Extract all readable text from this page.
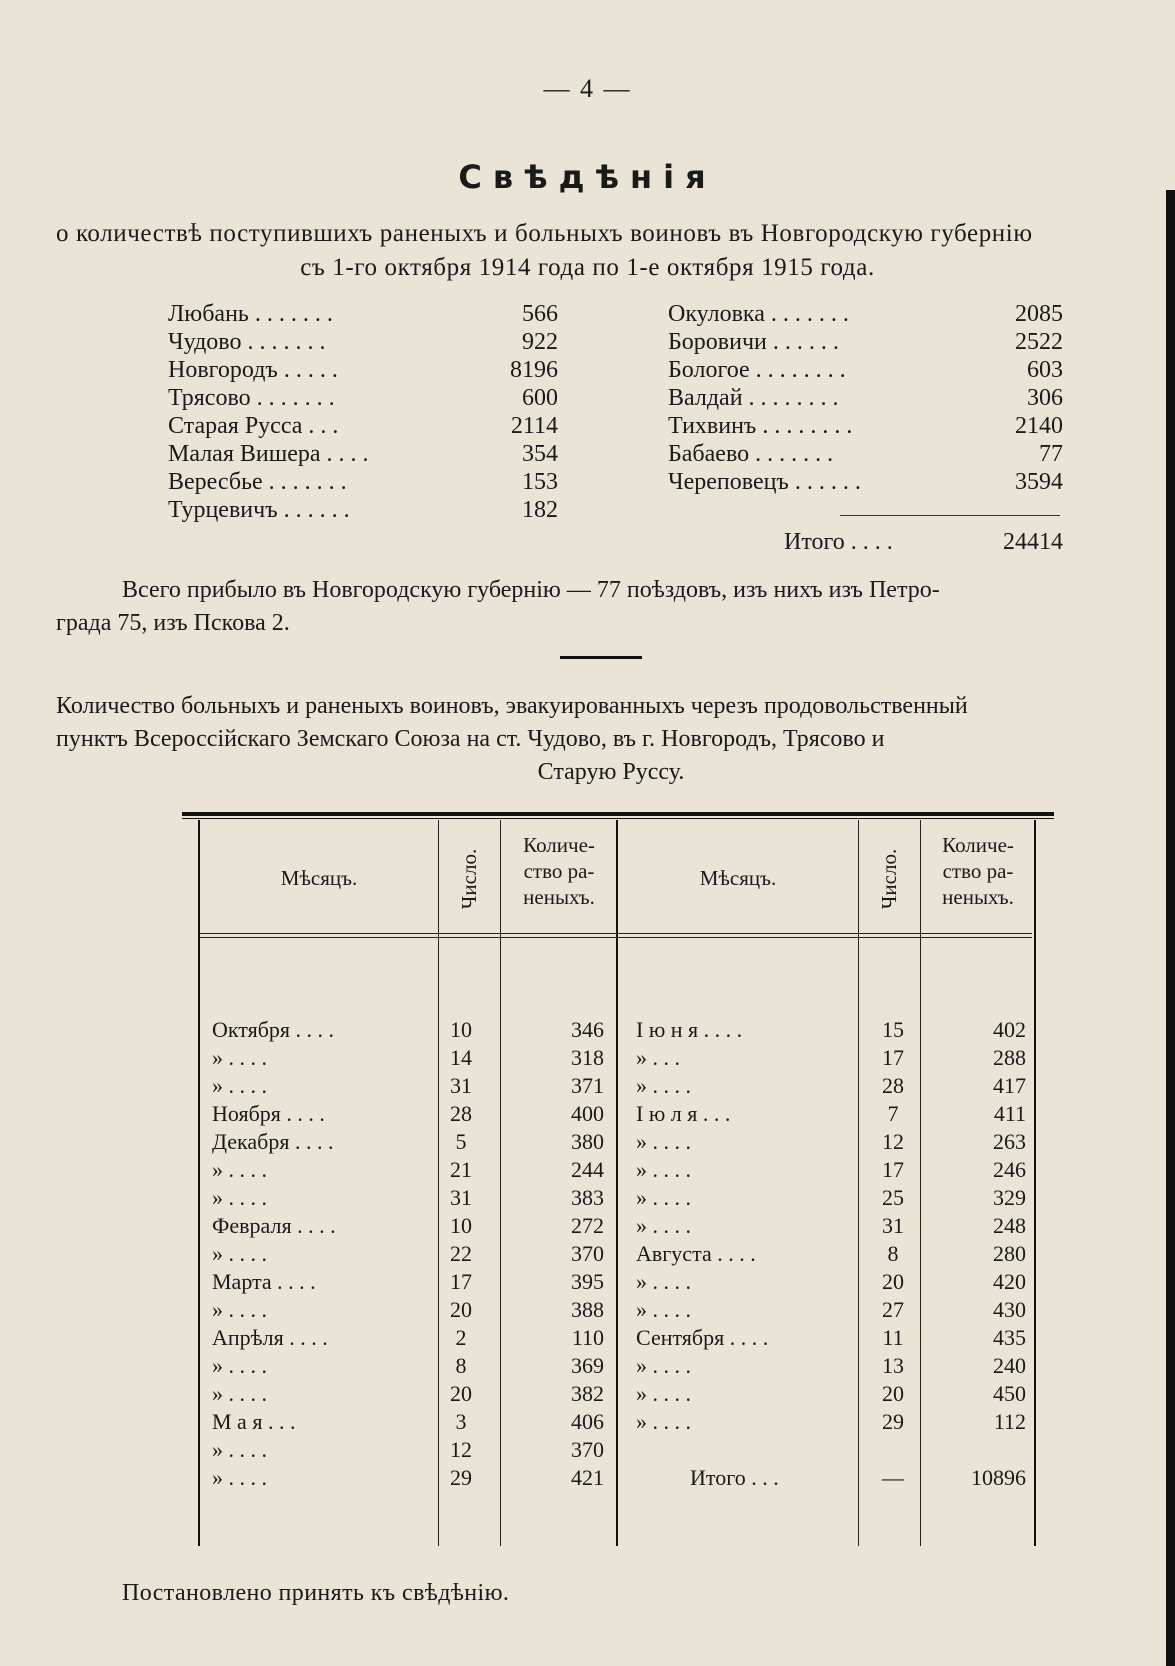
— 4 —

Свѣдѣнія

о количествѣ поступившихъ раненыхъ и больныхъ воиновъ въ Новгородскую губернію

съ 1-го октября 1914 года по 1-е октября 1915 года.

Любань . . . . . . .	566
Чудово . . . . . . .	922
Новгородъ . . . . .	8196
Трясово . . . . . . .	600
Старая Русса . . .	2114
Малая Вишера . . . .	354
Вересбье . . . . . . .	153
Турцевичъ . . . . . .	182
Окуловка . . . . . . .	2085
Боровичи . . . . . .	2522
Бологое . . . . . . . .	603
Валдай . . . . . . . .	306
Тихвинъ . . . . . . . .	2140
Бабаево . . . . . . .	77
Череповецъ . . . . . .	3594
Итого . . . .	24414
Всего прибыло въ Новгородскую губернію — 77 поѣздовъ, изъ нихъ изъ Петро-
града 75, изъ Пскова 2.
Количество больныхъ и раненыхъ воиновъ, эвакуированныхъ черезъ продовольственный
пунктъ Всероссійскаго Земскаго Союза на ст. Чудово, въ г. Новгородъ, Трясово и
Старую Руссу.
Мѣсяцъ.	Число.
Количе-
ство ра-
неныхъ.
Мѣсяцъ.	Число.
Количе-
ство ра-
неныхъ.
Октября . . . .	10	346 І ю н я . . . .	15	402
» . . . .	14	318 » . . .	17	288
» . . . .	31	371 » . . . .	28	417
Ноября . . . .	28	400 І ю л я . . .	7	411
Декабря . . . .	5	380 » . . . .	12	263
» . . . .	21	244 » . . . .	17	246
» . . . .	31	383 » . . . .	25	329
Февраля . . . .	10	272 » . . . .	31	248
» . . . .	22	370 Августа . . . .	8	280
Марта . . . .	17	395 » . . . .	20	420
» . . . .	20	388 » . . . .	27	430
Апрѣля . . . .	2	110 Сентября . . . .	11	435
» . . . .	8	369 » . . . .	13	240
» . . . .	20	382 » . . . .	20	450
М а я . . .	3	406 » . . . .	29	112
» . . . .	12	370
» . . . .	29	421	Итого . . .	—	10896

Постановлено принять къ свѣдѣнію.
